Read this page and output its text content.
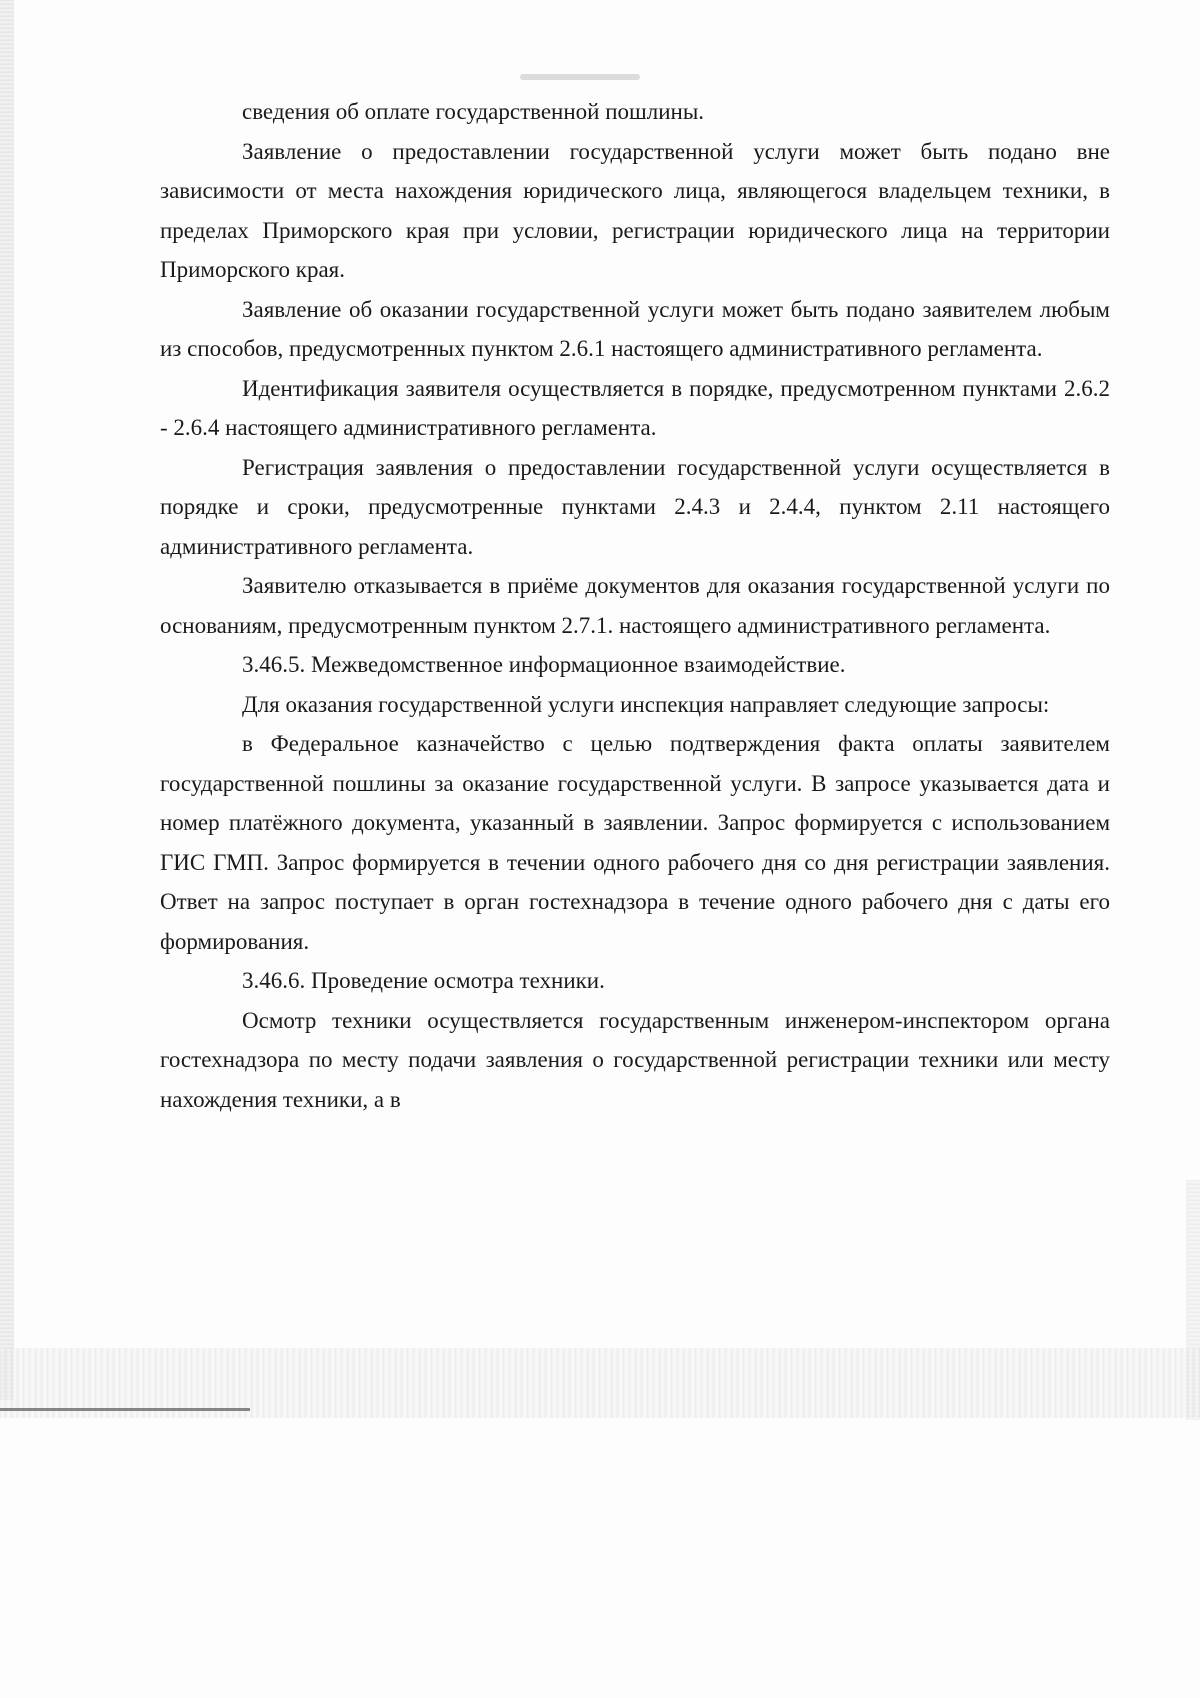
сведения об оплате государственной пошлины.

Заявление о предоставлении государственной услуги может быть подано вне зависимости от места нахождения юридического лица, являющегося владельцем техники, в пределах Приморского края при условии, регистрации юридического лица на территории Приморского края.

Заявление об оказании государственной услуги может быть подано заявителем любым из способов, предусмотренных пунктом 2.6.1 настоящего административного регламента.

Идентификация заявителя осуществляется в порядке, предусмотренном пунктами 2.6.2 - 2.6.4 настоящего административного регламента.

Регистрация заявления о предоставлении государственной услуги осуществляется в порядке и сроки, предусмотренные пунктами 2.4.3 и 2.4.4, пунктом 2.11 настоящего административного регламента.

Заявителю отказывается в приёме документов для оказания государственной услуги по основаниям, предусмотренным пунктом 2.7.1. настоящего административного регламента.

3.46.5. Межведомственное информационное взаимодействие.

Для оказания государственной услуги инспекция направляет следующие запросы:

в Федеральное казначейство с целью подтверждения факта оплаты заявителем государственной пошлины за оказание государственной услуги. В запросе указывается дата и номер платёжного документа, указанный в заявлении. Запрос формируется с использованием ГИС ГМП. Запрос формируется в течении одного рабочего дня со дня регистрации заявления. Ответ на запрос поступает в орган гостехнадзора в течение одного рабочего дня с даты его формирования.

3.46.6. Проведение осмотра техники.

Осмотр техники осуществляется государственным инженером-инспектором органа гостехнадзора по месту подачи заявления о государственной регистрации техники или месту нахождения техники, а в
